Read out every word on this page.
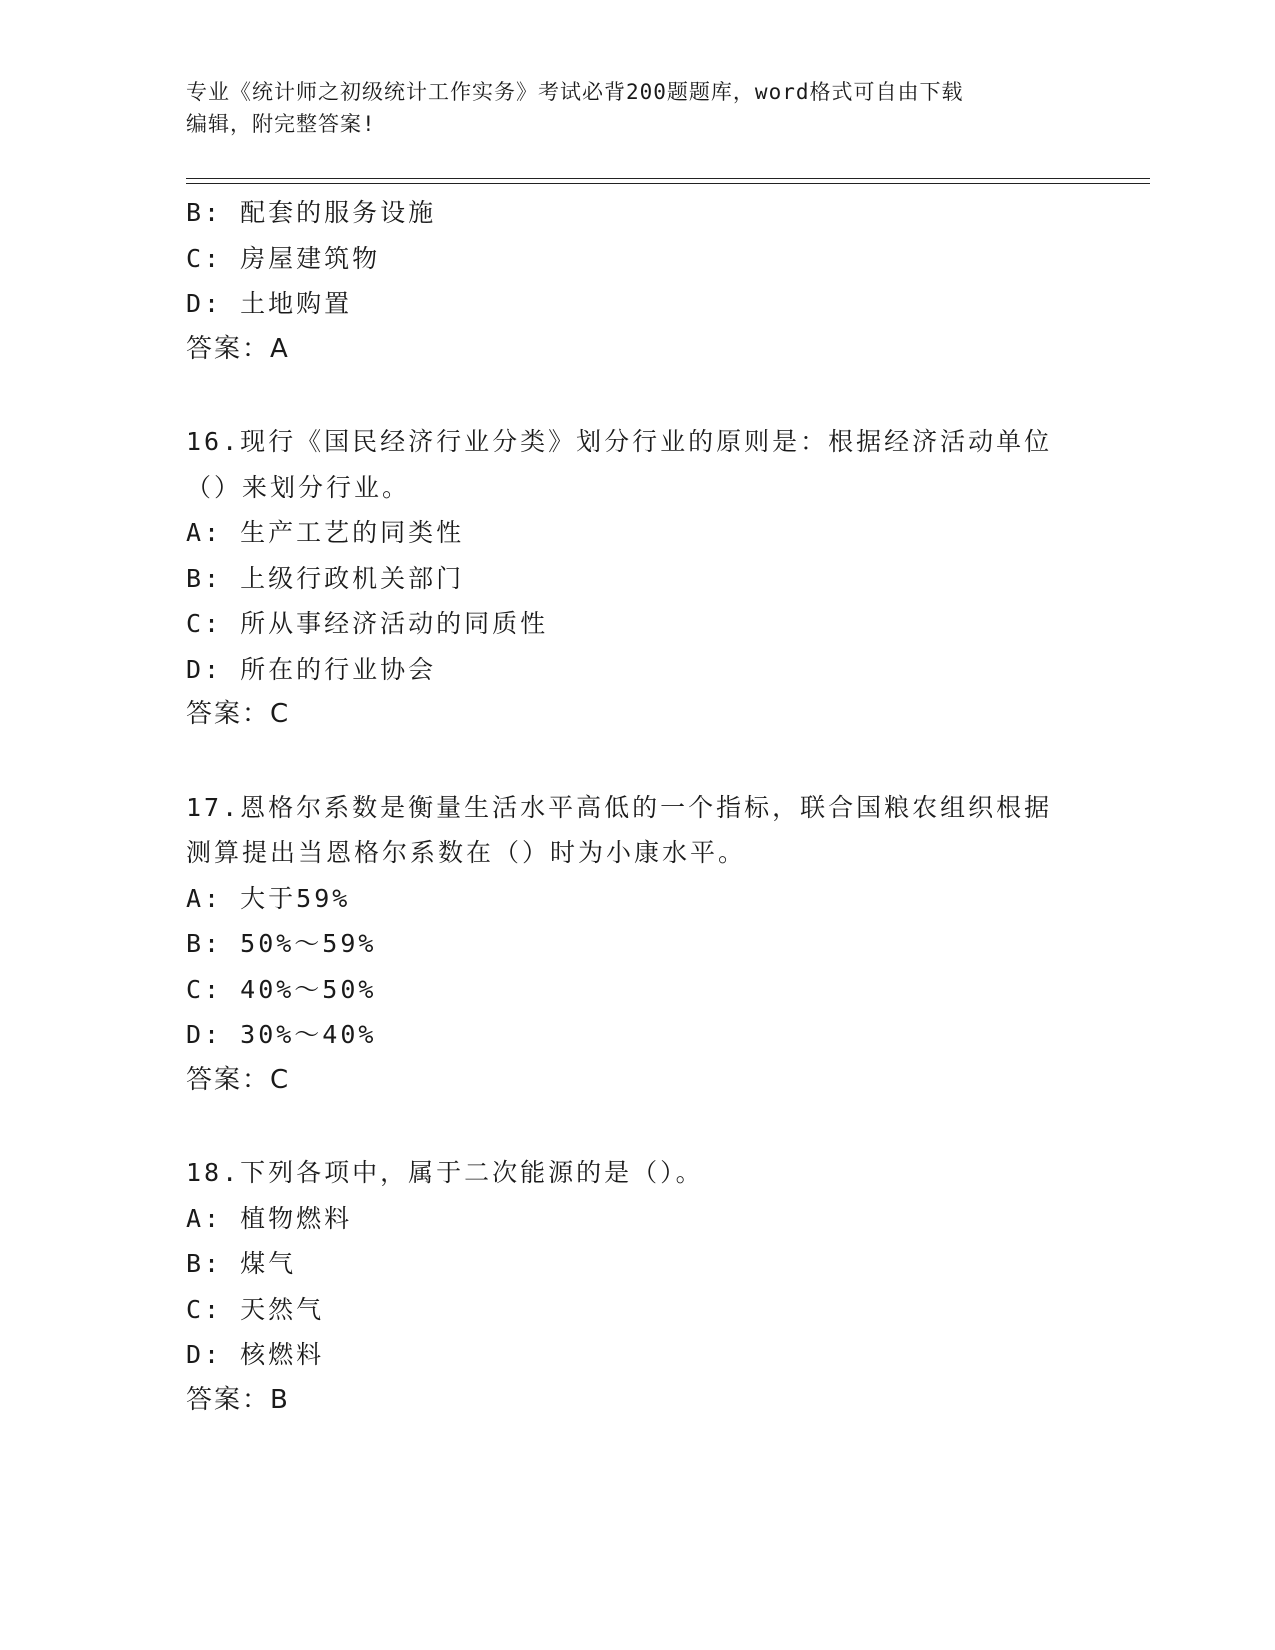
专业《统计师之初级统计工作实务》考试必背200题题库，word格式可自由下载
编辑，附完整答案!
B: 配套的服务设施
C: 房屋建筑物
D: 土地购置
答案：A
16.现行《国民经济行业分类》划分行业的原则是：根据经济活动单位
（）来划分行业。
A: 生产工艺的同类性
B: 上级行政机关部门
C: 所从事经济活动的同质性
D: 所在的行业协会
答案：C
17.恩格尔系数是衡量生活水平高低的一个指标，联合国粮农组织根据
测算提出当恩格尔系数在（）时为小康水平。
A: 大于59%
B: 50%～59%
C: 40%～50%
D: 30%～40%
答案：C
18.下列各项中，属于二次能源的是（）。
A: 植物燃料
B: 煤气
C: 天然气
D: 核燃料
答案：B
